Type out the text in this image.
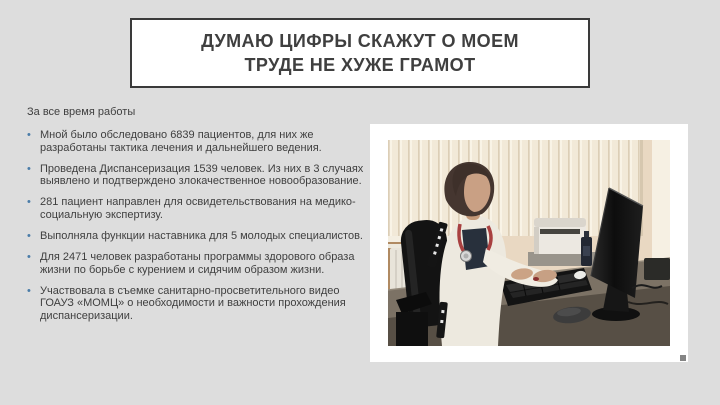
ДУМАЮ ЦИФРЫ СКАЖУТ О МОЕМ ТРУДЕ НЕ ХУЖЕ ГРАМОТ

За все время работы

• Мной было обследовано 6839 пациентов, для них же разработаны тактика лечения и дальнейшего ведения.
• Проведена Диспансеризация 1539 человек. Из них в 3 случаях выявлено и подтверждено злокачественное новообразование.
• 281 пациент направлен для освидетельствования на медико-социальную экспертизу.
• Выполняла функции наставника для 5 молодых специалистов.
• Для 2471 человек разработаны программы здорового образа жизни по борьбе с курением и сидячим образом жизни.
• Участвовала в съемке санитарно-просветительного видео ГОАУЗ «МОМЦ» о необходимости и важности прохождения диспансеризации.
